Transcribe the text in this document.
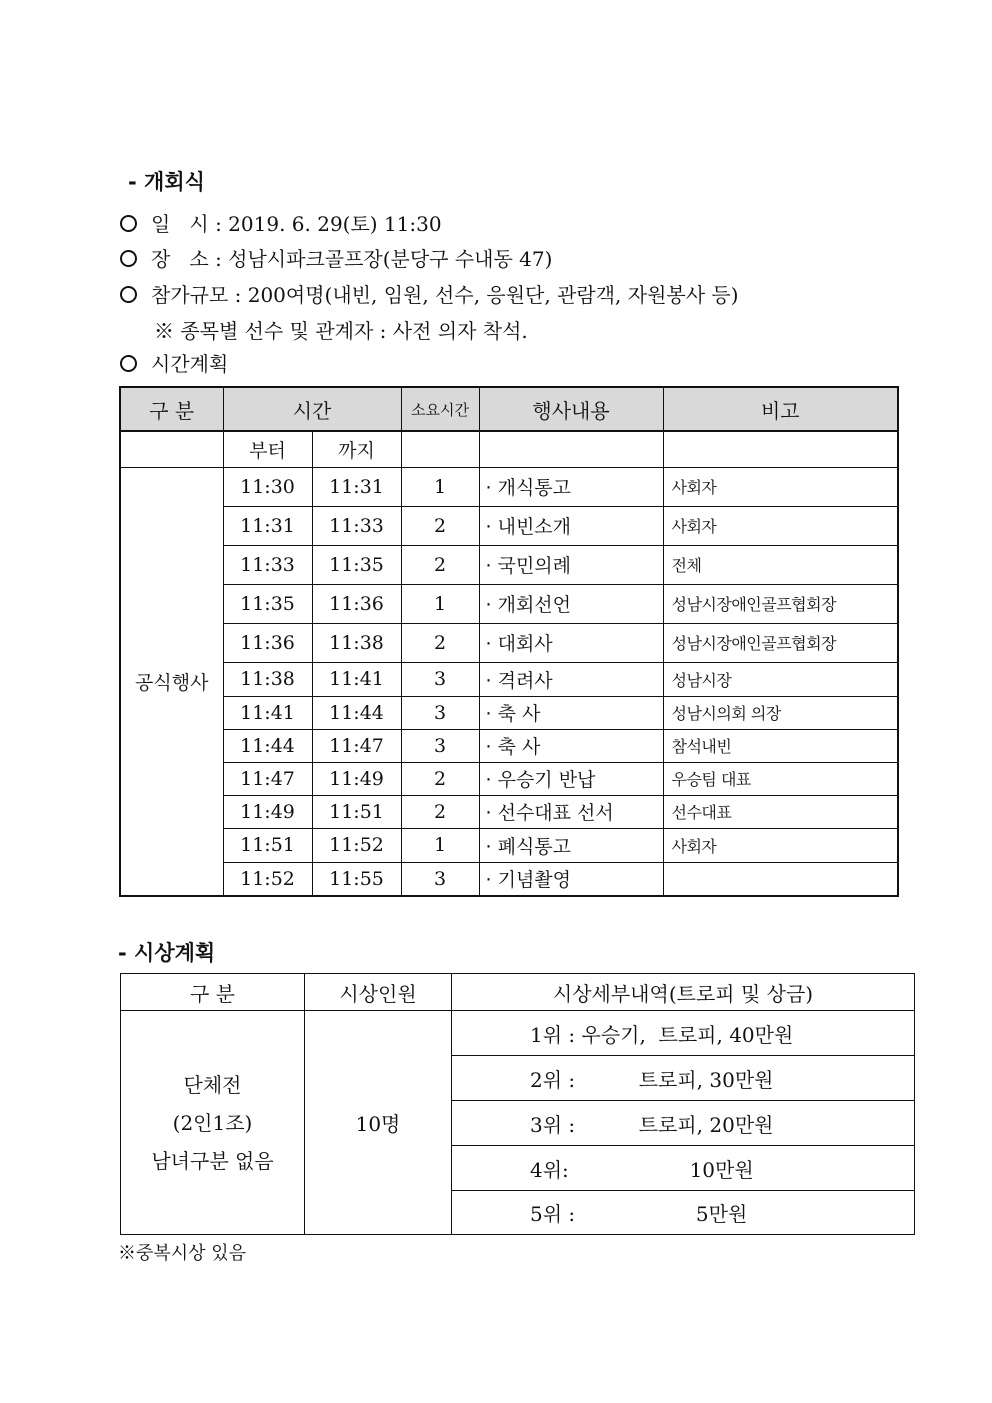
- 개회식
일   시 : 2019. 6. 29(토) 11:30
장   소 : 성남시파크골프장(분당구 수내동 47)
참가규모 : 200여명(내빈, 임원, 선수, 응원단, 관람객, 자원봉사 등)
※ 종목별 선수 및 관계자 : 사전 의자 착석.
시간계획
구 분	시간		소요시간	행사내용	비고
	부터	까지			
공식행사	11:30	11:31	1	· 개식통고	사회자
	11:31	11:33	2	· 내빈소개	사회자
	11:33	11:35	2	· 국민의례	전체
	11:35	11:36	1	· 개회선언	성남시장애인골프협회장
	11:36	11:38	2	· 대회사	성남시장애인골프협회장
	11:38	11:41	3	· 격려사	성남시장
	11:41	11:44	3	· 축 사	성남시의회 의장
	11:44	11:47	3	· 축 사	참석내빈
	11:47	11:49	2	· 우승기 반납	우승팀 대표
	11:49	11:51	2	· 선수대표 선서	선수대표
	11:51	11:52	1	· 폐식통고	사회자
	11:52	11:55	3	· 기념촬영	
- 시상계획
구 분	시상인원	시상세부내역(트로피 및 상금)

단체전
(2인1조)
남녀구분 없음	10명	1위 : 우승기,  트로피, 40만원
		2위 :          트로피, 30만원
		3위 :          트로피, 20만원
		4위:                   10만원
		5위 :                   5만원
※중복시상 있음
